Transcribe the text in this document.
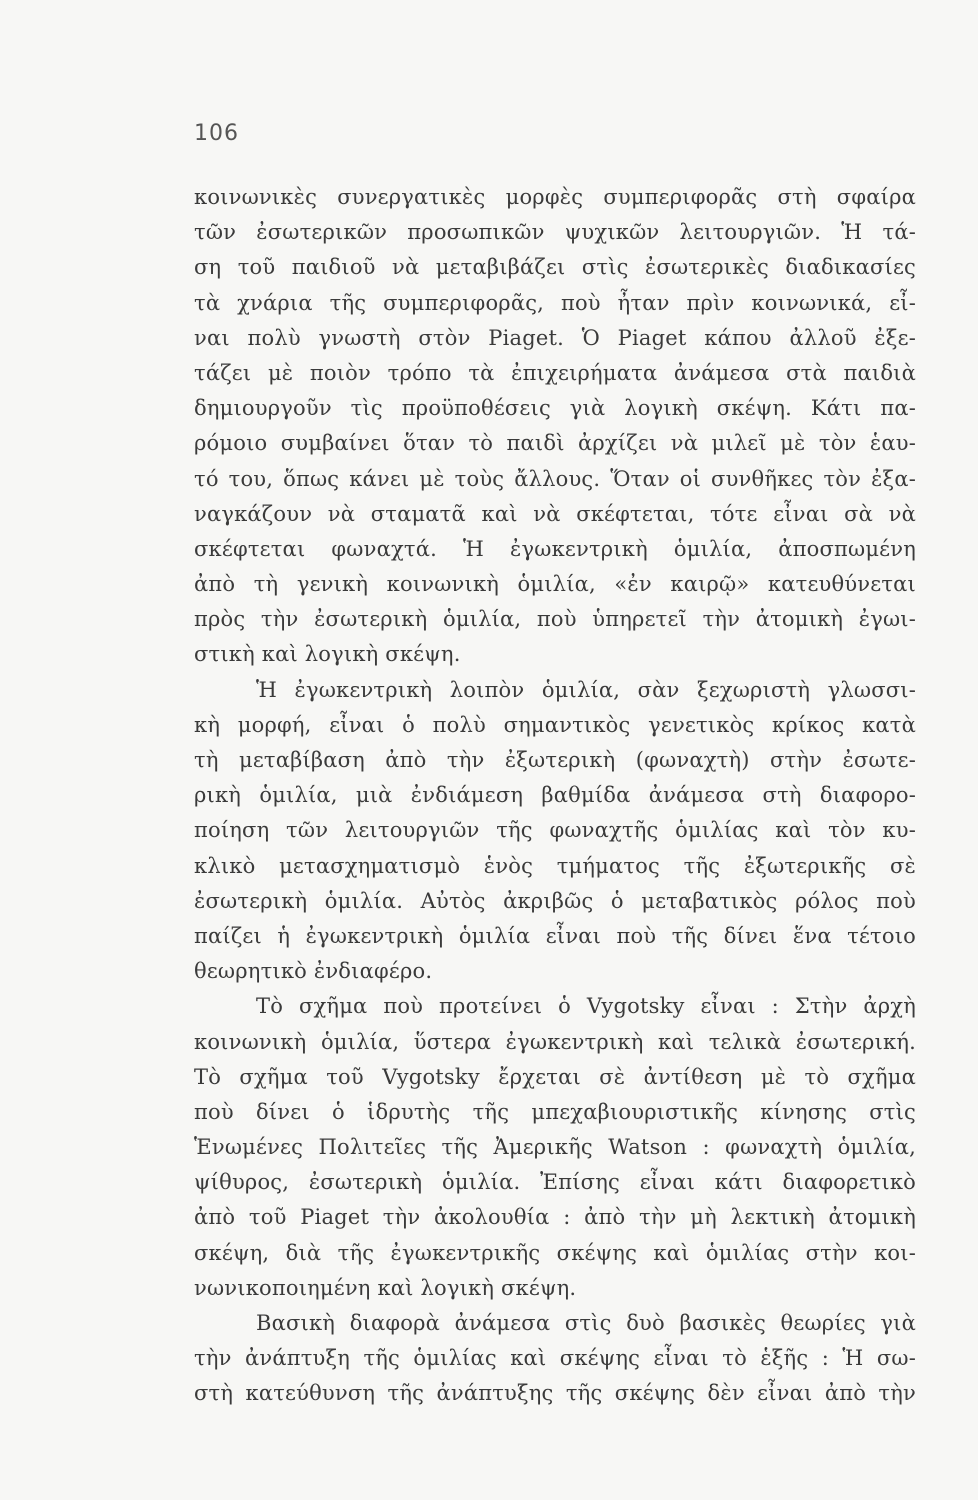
106
κοινωνικὲς συνεργατικὲς μορφὲς συμπεριφορᾶς στὴ σφαίρα
τῶν ἐσωτερικῶν προσωπικῶν ψυχικῶν λειτουργιῶν. Ἡ τά-
ση τοῦ παιδιοῦ νὰ μεταβιβάζει στὶς ἐσωτερικὲς διαδικασίες
τὰ χνάρια τῆς συμπεριφορᾶς, ποὺ ἦταν πρὶν κοινωνικά, εἶ-
ναι πολὺ γνωστὴ στὸν Piaget. Ὁ Piaget κάπου ἀλλοῦ ἐξε-
τάζει μὲ ποιὸν τρόπο τὰ ἐπιχειρήματα ἀνάμεσα στὰ παιδιὰ
δημιουργοῦν τὶς προϋποθέσεις γιὰ λογικὴ σκέψη. Κάτι πα-
ρόμοιο συμβαίνει ὅταν τὸ παιδὶ ἀρχίζει νὰ μιλεῖ μὲ τὸν ἑαυ-
τό του, ὅπως κάνει μὲ τοὺς ἄλλους. Ὅταν οἱ συνθῆκες τὸν ἐξα-
ναγκάζουν νὰ σταματᾶ καὶ νὰ σκέφτεται, τότε εἶναι σὰ νὰ
σκέφτεται φωναχτά. Ἡ ἐγωκεντρικὴ ὁμιλία, ἀποσπωμένη
ἀπὸ τὴ γενικὴ κοινωνικὴ ὁμιλία, «ἐν καιρῷ» κατευθύνεται
πρὸς τὴν ἐσωτερικὴ ὁμιλία, ποὺ ὑπηρετεῖ τὴν ἀτομικὴ ἐγωι-
στικὴ καὶ λογικὴ σκέψη.
Ἡ ἐγωκεντρικὴ λοιπὸν ὁμιλία, σὰν ξεχωριστὴ γλωσσι-
κὴ μορφή, εἶναι ὁ πολὺ σημαντικὸς γενετικὸς κρίκος κατὰ
τὴ μεταβίβαση ἀπὸ τὴν ἐξωτερικὴ (φωναχτὴ) στὴν ἐσωτε-
ρικὴ ὁμιλία, μιὰ ἐνδιάμεση βαθμίδα ἀνάμεσα στὴ διαφορο-
ποίηση τῶν λειτουργιῶν τῆς φωναχτῆς ὁμιλίας καὶ τὸν κυ-
κλικὸ μετασχηματισμὸ ἑνὸς τμήματος τῆς ἐξωτερικῆς σὲ
ἐσωτερικὴ ὁμιλία. Αὐτὸς ἀκριβῶς ὁ μεταβατικὸς ρόλος ποὺ
παίζει ἡ ἐγωκεντρικὴ ὁμιλία εἶναι ποὺ τῆς δίνει ἕνα τέτοιο
θεωρητικὸ ἐνδιαφέρο.
Τὸ σχῆμα ποὺ προτείνει ὁ Vygotsky εἶναι : Στὴν ἀρχὴ
κοινωνικὴ ὁμιλία, ὕστερα ἐγωκεντρικὴ καὶ τελικὰ ἐσωτερική.
Τὸ σχῆμα τοῦ Vygotsky ἔρχεται σὲ ἀντίθεση μὲ τὸ σχῆμα
ποὺ δίνει ὁ ἱδρυτὴς τῆς μπεχαβιουριστικῆς κίνησης στὶς
Ἑνωμένες Πολιτεῖες τῆς Ἀμερικῆς Watson : φωναχτὴ ὁμιλία,
ψίθυρος, ἐσωτερικὴ ὁμιλία. Ἐπίσης εἶναι κάτι διαφορετικὸ
ἀπὸ τοῦ Piaget τὴν ἀκολουθία : ἀπὸ τὴν μὴ λεκτικὴ ἀτομικὴ
σκέψη, διὰ τῆς ἐγωκεντρικῆς σκέψης καὶ ὁμιλίας στὴν κοι-
νωνικοποιημένη καὶ λογικὴ σκέψη.
Βασικὴ διαφορὰ ἀνάμεσα στὶς δυὸ βασικὲς θεωρίες γιὰ
τὴν ἀνάπτυξη τῆς ὁμιλίας καὶ σκέψης εἶναι τὸ ἑξῆς : Ἡ σω-
στὴ κατεύθυνση τῆς ἀνάπτυξης τῆς σκέψης δὲν εἶναι ἀπὸ τὴν
